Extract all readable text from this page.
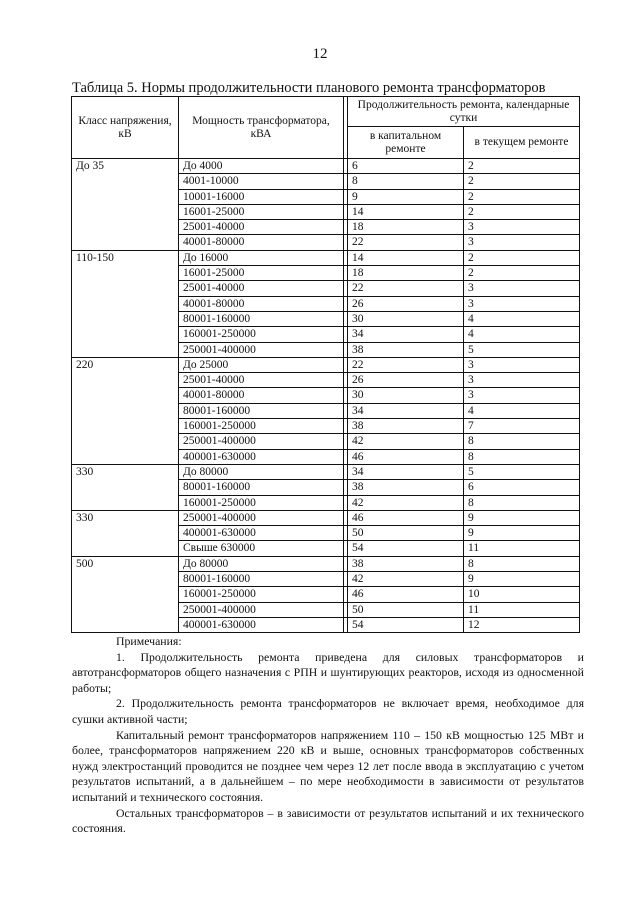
12
Таблица 5. Нормы продолжительности планового ремонта трансформаторов
Класс напряжения, кВ	Мощность трансформатора, кВА		Продолжительность ремонта, календарные сутки	
			в капитальном ремонте	в текущем ремонте
До 35	До 4000		6	2
	4001-10000		8	2
	10001-16000		9	2
	16001-25000		14	2
	25001-40000		18	3
	40001-80000		22	3
110-150	До 16000		14	2
	16001-25000		18	2
	25001-40000		22	3
	40001-80000		26	3
	80001-160000		30	4
	160001-250000		34	4
	250001-400000		38	5
220	До 25000		22	3
	25001-40000		26	3
	40001-80000		30	3
	80001-160000		34	4
	160001-250000		38	7
	250001-400000		42	8
	400001-630000		46	8
330	До 80000		34	5
	80001-160000		38	6
	160001-250000		42	8
330	250001-400000		46	9
	400001-630000		50	9
	Свыше 630000		54	11
500	До 80000		38	8
	80001-160000		42	9
	160001-250000		46	10
	250001-400000		50	11
	400001-630000		54	12

Примечания:

1. Продолжительность ремонта приведена для силовых трансформаторов и автотрансформаторов общего назначения с РПН и шунтирующих реакторов, исходя из односменной работы;

2. Продолжительность ремонта трансформаторов не включает время, необходимое для сушки активной части;

Капитальный ремонт трансформаторов напряжением 110 – 150 кВ мощностью 125 МВт и более, трансформаторов напряжением 220 кВ и выше, основных трансформаторов собственных нужд электростанций проводится не позднее чем через 12 лет после ввода в эксплуатацию с учетом результатов испытаний, а в дальнейшем – по мере необходимости в зависимости от результатов испытаний и технического состояния.

Остальных трансформаторов – в зависимости от результатов испытаний и их технического состояния.
